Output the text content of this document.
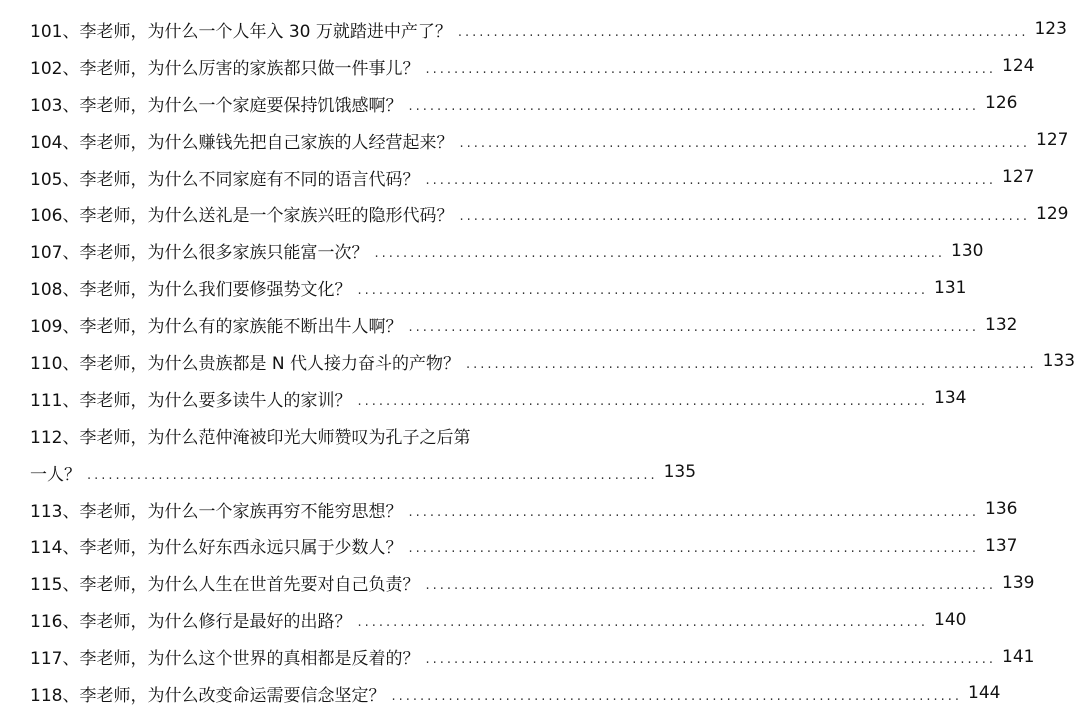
101、李老师，为什么一个人年入 30 万就踏进中产了？ ................................................................................ 123
102、李老师，为什么厉害的家族都只做一件事儿？ ................................................................................ 124
103、李老师，为什么一个家庭要保持饥饿感啊？ ................................................................................ 126
104、李老师，为什么赚钱先把自己家族的人经营起来？ ................................................................................ 127
105、李老师，为什么不同家庭有不同的语言代码？ ................................................................................ 127
106、李老师，为什么送礼是一个家族兴旺的隐形代码？ ................................................................................ 129
107、李老师，为什么很多家族只能富一次？ ................................................................................ 130
108、李老师，为什么我们要修强势文化？ ................................................................................ 131
109、李老师，为什么有的家族能不断出牛人啊？ ................................................................................ 132
110、李老师，为什么贵族都是 N 代人接力奋斗的产物？ ................................................................................ 133
111、李老师，为什么要多读牛人的家训？ ................................................................................ 134
112、李老师，为什么范仲淹被印光大师赞叹为孔子之后第
一人？ ................................................................................ 135
113、李老师，为什么一个家族再穷不能穷思想？ ................................................................................ 136
114、李老师，为什么好东西永远只属于少数人？ ................................................................................ 137
115、李老师，为什么人生在世首先要对自己负责？ ................................................................................ 139
116、李老师，为什么修行是最好的出路？ ................................................................................ 140
117、李老师，为什么这个世界的真相都是反着的？ ................................................................................ 141
118、李老师，为什么改变命运需要信念坚定？ ................................................................................ 144
